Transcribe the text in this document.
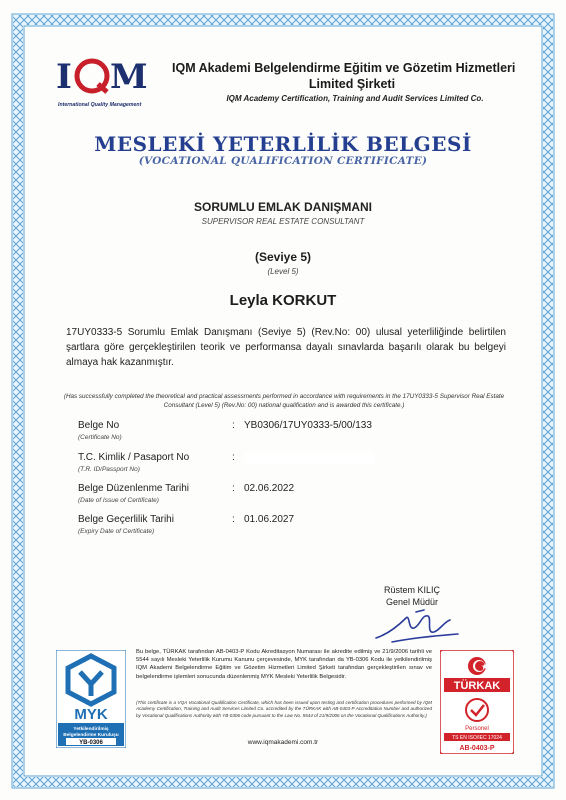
I M
International Quality Management
IQM Akademi Belgelendirme Eğitim ve Gözetim Hizmetleri
Limited Şirketi
IQM Academy Certification, Training and Audit Services Limited Co.
MESLEKİ YETERLİLİK BELGESİ
(VOCATIONAL QUALIFICATION CERTIFICATE)
SORUMLU EMLAK DANIŞMANI
SUPERVISOR REAL ESTATE CONSULTANT
(Seviye 5)
(Level 5)
Leyla KORKUT
17UY0333-5 Sorumlu Emlak Danışmanı (Seviye 5) (Rev.No: 00) ulusal yeterliliğinde belirtilen şartlara göre gerçekleştirilen teorik ve performansa dayalı sınavlarda başarılı olarak bu belgeyi almaya hak kazanmıştır.
(Has successfully completed the theoretical and practical assessments performed in accordance with requirements in the 17UY0333-5 Supervisor Real Estate Consultant (Level 5) (Rev.No: 00) national qualification and is awarded this certificate.)
Belge No
(Certificate No)
: YB0306/17UY0333-5/00/133
T.C. Kimlik / Pasaport No
(T.R. ID/Passport No)
:
Belge Düzenlenme Tarihi
(Date of Issue of Certificate)
: 02.06.2022
Belge Geçerlilik Tarihi
(Expiry Date of Certificate)
: 01.06.2027
Rüstem KILIÇ
Genel Müdür
MYK
Yetkilendirilmiş
Belgelendirme Kuruluşu
YB-0306
Bu belge, TÜRKAK tarafından AB-0403-P Kodu Akreditasyon Numarası ile akredite edilmiş ve 21/9/2006 tarihli ve 5544 sayılı Mesleki Yeterlilik Kurumu Kanunu çerçevesinde, MYK tarafından da YB-0306 Kodu ile yetkilendirilmiş IQM Akademi Belgelendirme Eğitim ve Gözetim Hizmetleri Limited Şirketi tarafından gerçekleştirilen sınav ve belgelendirme işlemleri sonucunda düzenlenmiş MYK Mesleki Yeterlilik Belgesidir.
(This certificate is a VQA Vocational Qualification Certificate, which has been issued upon testing and certification procedures performed by IQM Academy Certification, Training and Audit Services Limited Co. accredited by the TÜRKAK with AB-0403-P Accreditation Number and authorized by Vocational Qualifications Authority with YB-0306 code pursuant to the Law No. 5544 of 21/9/2006 on the Vocational Qualifications Authority.)
www.iqmakademi.com.tr
TÜRKAK
Personel
TS EN ISO/IEC 17024
AB-0403-P
